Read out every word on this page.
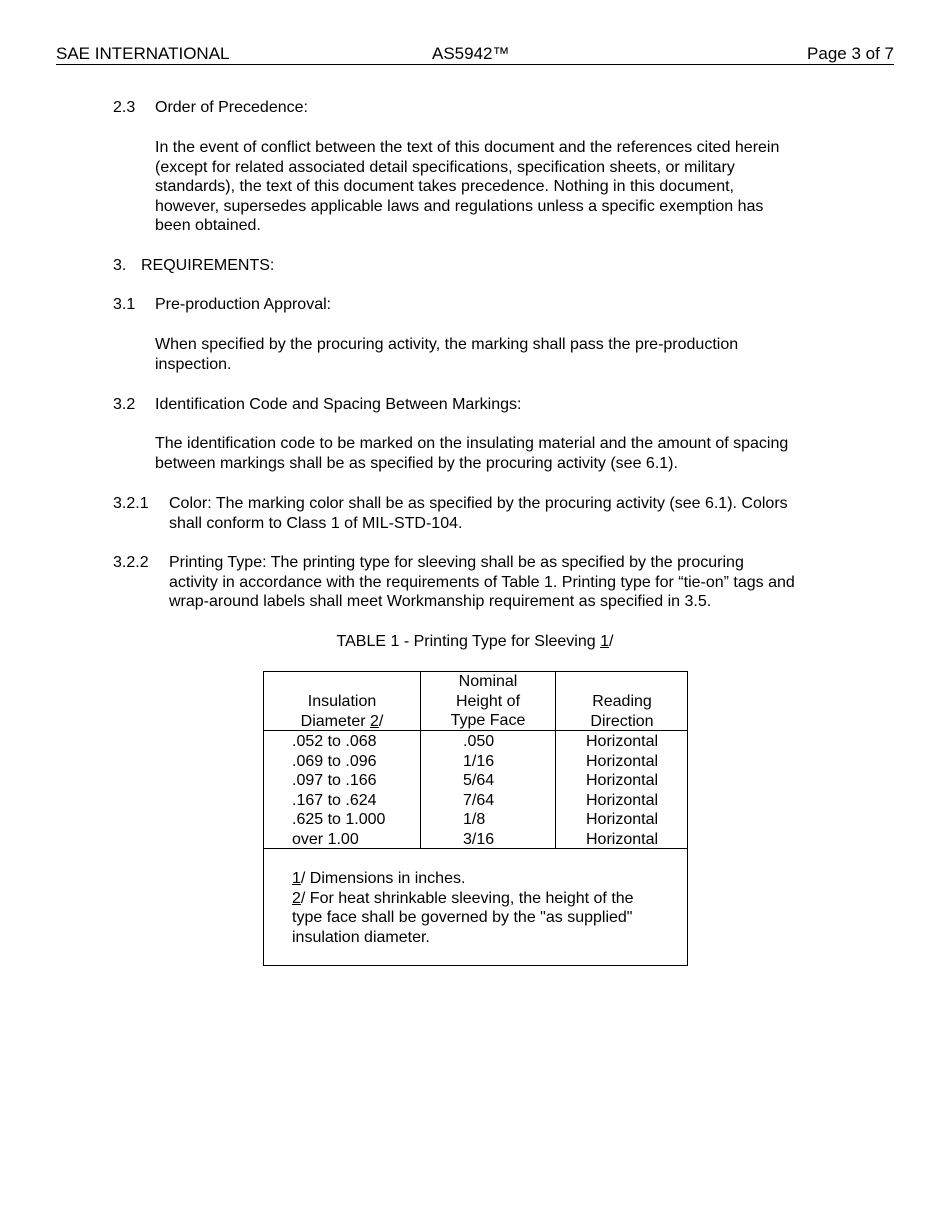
SAE INTERNATIONAL	AS5942™	Page 3 of 7
2.3 Order of Precedence:
In the event of conflict between the text of this document and the references cited herein
(except for related associated detail specifications, specification sheets, or military
standards), the text of this document takes precedence. Nothing in this document,
however, supersedes applicable laws and regulations unless a specific exemption has
been obtained.
3. REQUIREMENTS:
3.1 Pre-production Approval:
When specified by the procuring activity, the marking shall pass the pre-production
inspection.
3.2 Identification Code and Spacing Between Markings:
The identification code to be marked on the insulating material and the amount of spacing
between markings shall be as specified by the procuring activity (see 6.1).
3.2.1 Color: The marking color shall be as specified by the procuring activity (see 6.1). Colors
shall conform to Class 1 of MIL-STD-104.
3.2.2 Printing Type: The printing type for sleeving shall be as specified by the procuring
activity in accordance with the requirements of Table 1. Printing type for “tie-on” tags and
wrap-around labels shall meet Workmanship requirement as specified in 3.5.
TABLE 1 - Printing Type for Sleeving 1/
Insulation
Diameter 2/
Nominal
Height of
Type Face
Reading
Direction
.052 to .068
.069 to .096
.097 to .166
.167 to .624
.625 to 1.000
over 1.00
.050
1/16
5/64
7/64
1/8
3/16
Horizontal
Horizontal
Horizontal
Horizontal
Horizontal
Horizontal
1/ Dimensions in inches.
2/ For heat shrinkable sleeving, the height of the
type face shall be governed by the "as supplied"
insulation diameter.
